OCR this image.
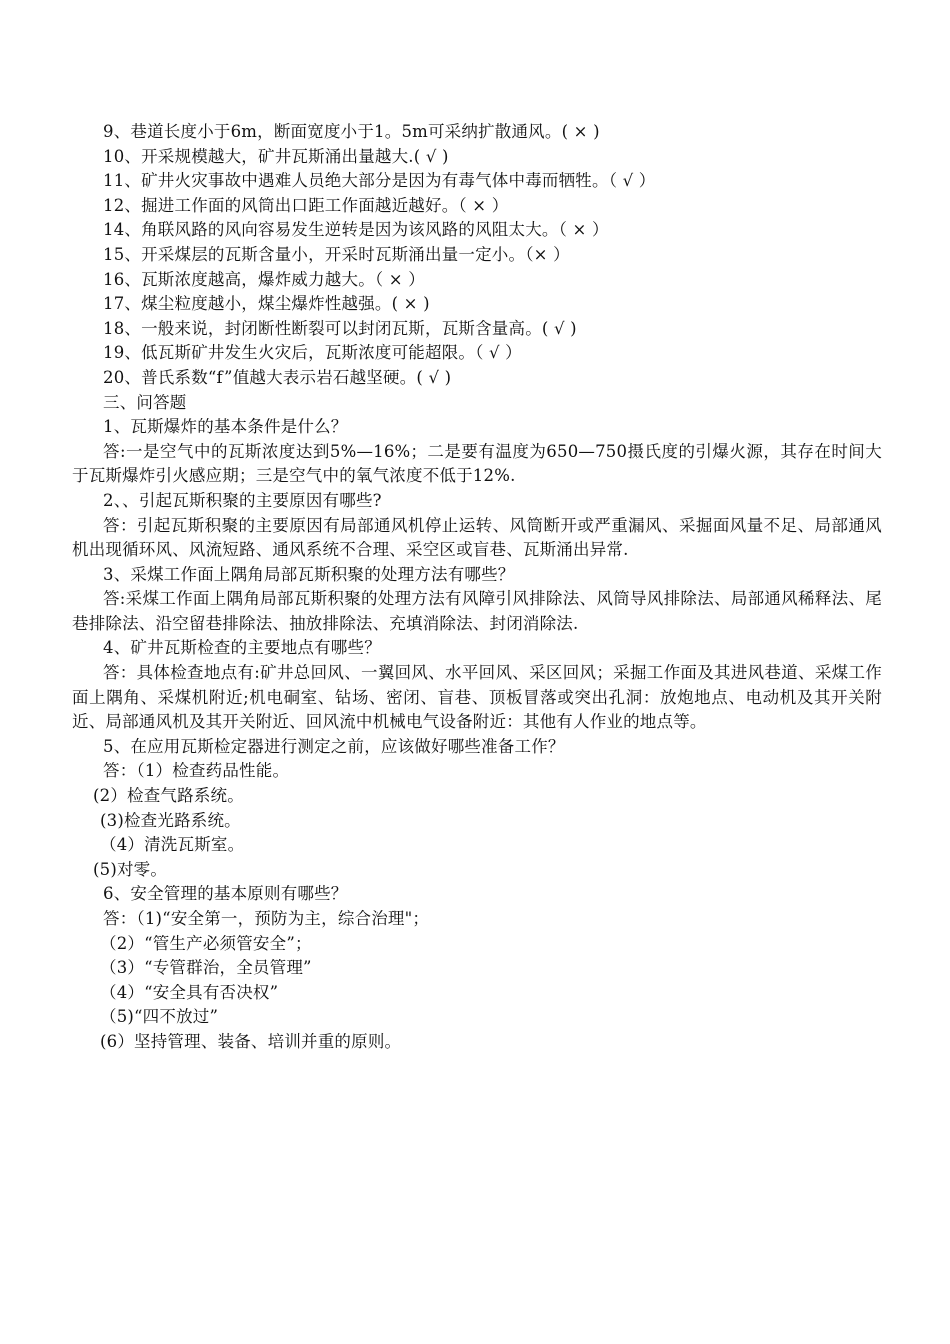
9、巷道长度小于6m，断面宽度小于1。5m可采纳扩散通风。( × )
10、开采规模越大，矿井瓦斯涌出量越大.( √ )
11、矿井火灾事故中遇难人员绝大部分是因为有毒气体中毒而牺牲。（ √ ）
12、掘进工作面的风筒出口距工作面越近越好。（ × ）
14、角联风路的风向容易发生逆转是因为该风路的风阻太大。（ × ）
15、开采煤层的瓦斯含量小，开采时瓦斯涌出量一定小。（× ）
16、瓦斯浓度越高，爆炸威力越大。（ × ）
17、煤尘粒度越小，煤尘爆炸性越强。( × )
18、一般来说，封闭断性断裂可以封闭瓦斯，瓦斯含量高。( √ )
19、低瓦斯矿井发生火灾后，瓦斯浓度可能超限。（ √ ）
20、普氏系数“f”值越大表示岩石越坚硬。( √ )
三、问答题
1、瓦斯爆炸的基本条件是什么？
答:一是空气中的瓦斯浓度达到5%—16%；二是要有温度为650—750摄氏度的引爆火源，其存在时间大于瓦斯爆炸引火感应期；三是空气中的氧气浓度不低于12%.
2、、引起瓦斯积聚的主要原因有哪些?
答：引起瓦斯积聚的主要原因有局部通风机停止运转、风筒断开或严重漏风、采掘面风量不足、局部通风机出现循环风、风流短路、通风系统不合理、采空区或盲巷、瓦斯涌出异常.
3、采煤工作面上隅角局部瓦斯积聚的处理方法有哪些？
答:采煤工作面上隅角局部瓦斯积聚的处理方法有风障引风排除法、风筒导风排除法、局部通风稀释法、尾巷排除法、沿空留巷排除法、抽放排除法、充填消除法、封闭消除法.
4、矿井瓦斯检查的主要地点有哪些？
答：具体检查地点有:矿井总回风、一翼回风、水平回风、采区回风；采掘工作面及其进风巷道、采煤工作面上隅角、采煤机附近;机电硐室、钻场、密闭、盲巷、顶板冒落或突出孔洞：放炮地点、电动机及其开关附近、局部通风机及其开关附近、回风流中机械电气设备附近：其他有人作业的地点等。
5、在应用瓦斯检定器进行测定之前，应该做好哪些准备工作？
答：（1）检查药品性能。
(2）检查气路系统。
(3)检查光路系统。
（4）清洗瓦斯室。
(5)对零。
6、安全管理的基本原则有哪些？
答：（1)“安全第一，预防为主，综合治理"；
（2）“管生产必须管安全”；
（3）“专管群治，全员管理”
（4）“安全具有否决权”
（5)“四不放过”
(6）坚持管理、装备、培训并重的原则。
